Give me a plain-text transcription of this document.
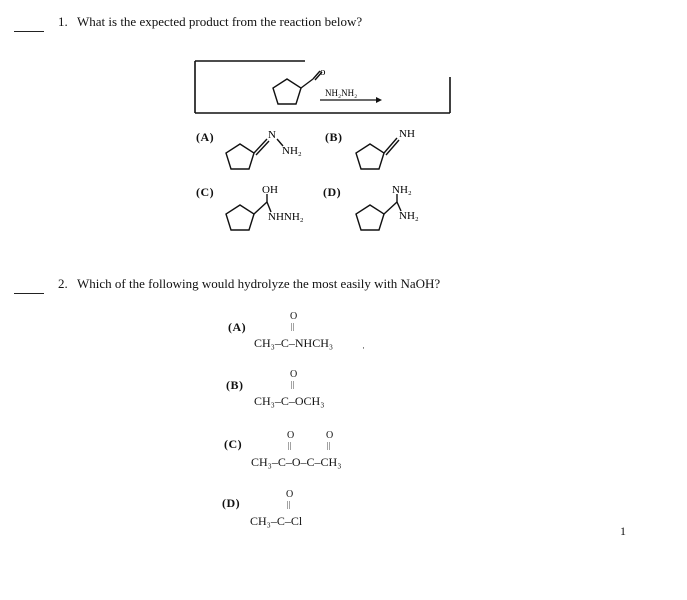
1. What is the expected product from the reaction below?
o
NH₂NH₂
(A)	N
NH₂
(B)	NH
(C)	OH
NHNH₂
(D)	NH₂
NH₂
2. Which of the following would hydrolyze the most easily with NaOH?
(A)
O
||
CH₃–C–NHCH₃	·
(B)
O
||
CH₃–C–OCH₃
(C)
O
||
O
||
CH₃–C–O–C–CH₃
(D)
O
||
CH₃–C–Cl
1
